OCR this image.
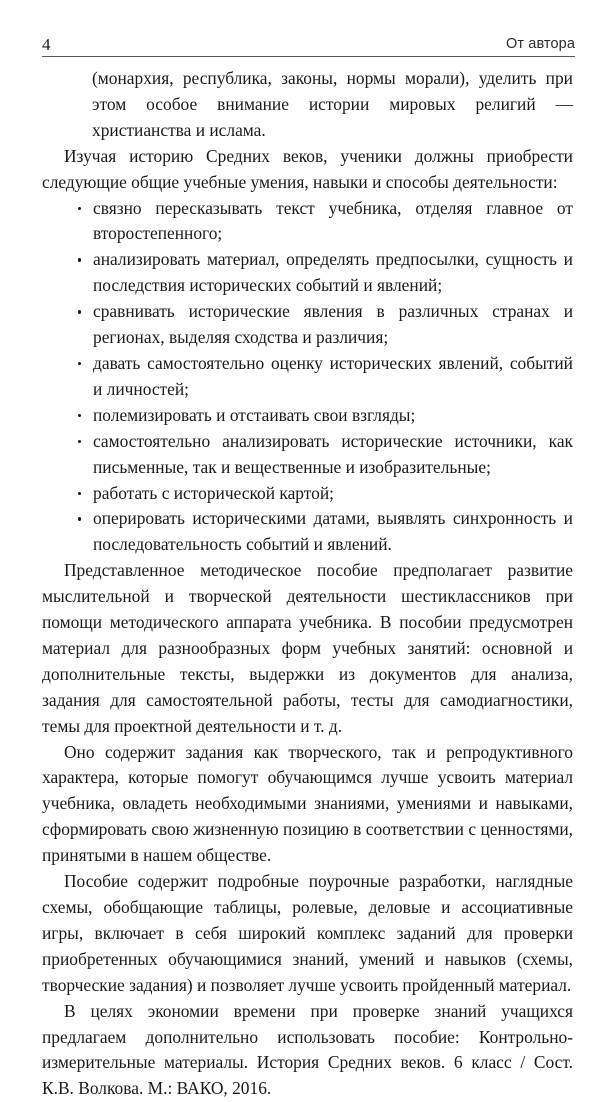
4	От автора

(монархия, республика, законы, нормы морали), уделить при этом особое внимание истории мировых религий — христианства и ислама.

Изучая историю Средних веков, ученики должны приобрести следующие общие учебные умения, навыки и способы деятельности:

связно пересказывать текст учебника, отделяя главное от второстепенного;
анализировать материал, определять предпосылки, сущность и последствия исторических событий и явлений;
сравнивать исторические явления в различных странах и регионах, выделяя сходства и различия;
давать самостоятельно оценку исторических явлений, событий и личностей;
полемизировать и отстаивать свои взгляды;
самостоятельно анализировать исторические источники, как письменные, так и вещественные и изобразительные;
работать с исторической картой;
оперировать историческими датами, выявлять синхронность и последовательность событий и явлений.

Представленное методическое пособие предполагает развитие мыслительной и творческой деятельности шестиклассников при помощи методического аппарата учебника. В пособии предусмотрен материал для разнообразных форм учебных занятий: основной и дополнительные тексты, выдержки из документов для анализа, задания для самостоятельной работы, тесты для самодиагностики, темы для проектной деятельности и т. д.

Оно содержит задания как творческого, так и репродуктивного характера, которые помогут обучающимся лучше усвоить материал учебника, овладеть необходимыми знаниями, умениями и навыками, сформировать свою жизненную позицию в соответствии с ценностями, принятыми в нашем обществе.

Пособие содержит подробные поурочные разработки, наглядные схемы, обобщающие таблицы, ролевые, деловые и ассоциативные игры, включает в себя широкий комплекс заданий для проверки приобретенных обучающимися знаний, умений и навыков (схемы, творческие задания) и позволяет лучше усвоить пройденный материал.

В целях экономии времени при проверке знаний учащихся предлагаем дополнительно использовать пособие: Контрольно-измерительные материалы. История Средних веков. 6 класс / Сост. К.В. Волкова. М.: ВАКО, 2016.
